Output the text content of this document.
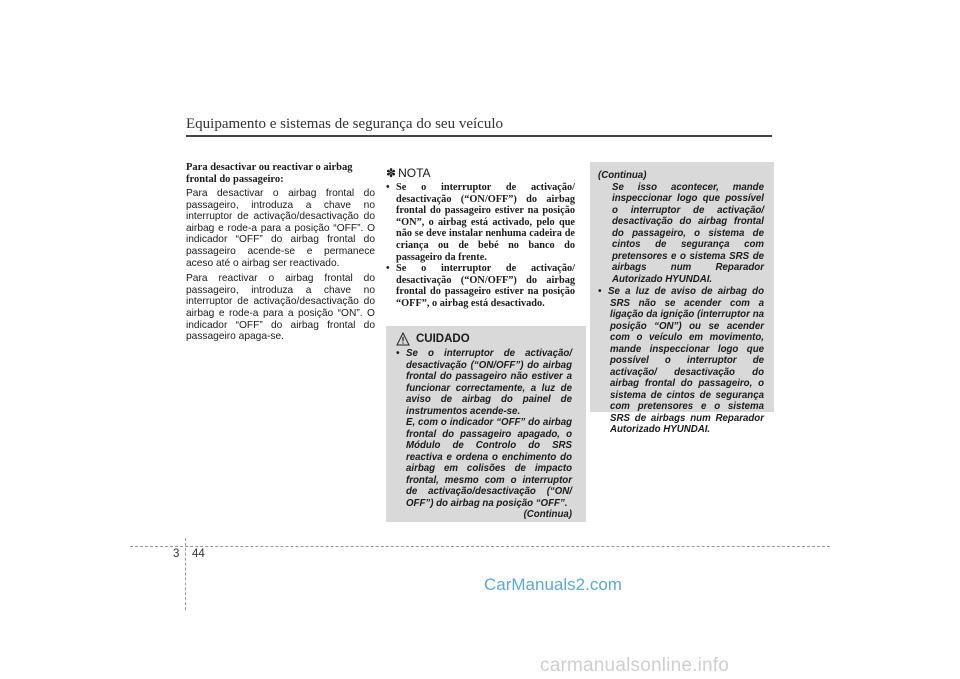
Equipamento e sistemas de segurança do seu veículo
Para desactivar ou reactivar o airbag frontal do passageiro:

Para desactivar o airbag frontal do passageiro, introduza a chave no interruptor de activação/desactivação do airbag e rode-a para a posição “OFF”. O indicador “OFF” do airbag frontal do passageiro acende-se e permanece aceso até o airbag ser reactivado.

Para reactivar o airbag frontal do passageiro, introduza a chave no interruptor de activação/desactivação do airbag e rode-a para a posição “ON”. O indicador “OFF” do airbag frontal do passageiro apaga-se.

✽ NOTA
• Se o interruptor de activação/ desactivação (“ON/OFF”) do airbag frontal do passageiro estiver na posição “ON”, o airbag está activado, pelo que não se deve instalar nenhuma cadeira de criança ou de bebé no banco do passageiro da frente.
• Se o interruptor de activação/ desactivação (“ON/OFF”) do airbag frontal do passageiro estiver na posição “OFF”, o airbag está desactivado.
CUIDADO

• Se o interruptor de activação/ desactivação (“ON/OFF”) do airbag frontal do passageiro não estiver a funcionar correctamente, a luz de aviso de airbag do painel de instrumentos acende-se.

E, com o indicador “OFF” do airbag frontal do passageiro apagado, o Módulo de Controlo do SRS reactiva e ordena o enchimento do airbag em colisões de impacto frontal, mesmo com o interruptor de activação/desactivação (“ON/ OFF”) do airbag na posição “OFF”.

(Continua)

(Continua)

Se isso acontecer, mande inspeccionar logo que possível o interruptor de activação/ desactivação do airbag frontal do passageiro, o sistema de cintos de segurança com pretensores e o sistema SRS de airbags num Reparador Autorizado HYUNDAI.

• Se a luz de aviso de airbag do SRS não se acender com a ligação da ignição (interruptor na posição “ON”) ou se acender com o veículo em movimento, mande inspeccionar logo que possível o interruptor de activação/ desactivação do airbag frontal do passageiro, o sistema de cintos de segurança com pretensores e o sistema SRS de airbags num Reparador Autorizado HYUNDAI.

3 44
CarManuals2.com
carmanualsonline.info
